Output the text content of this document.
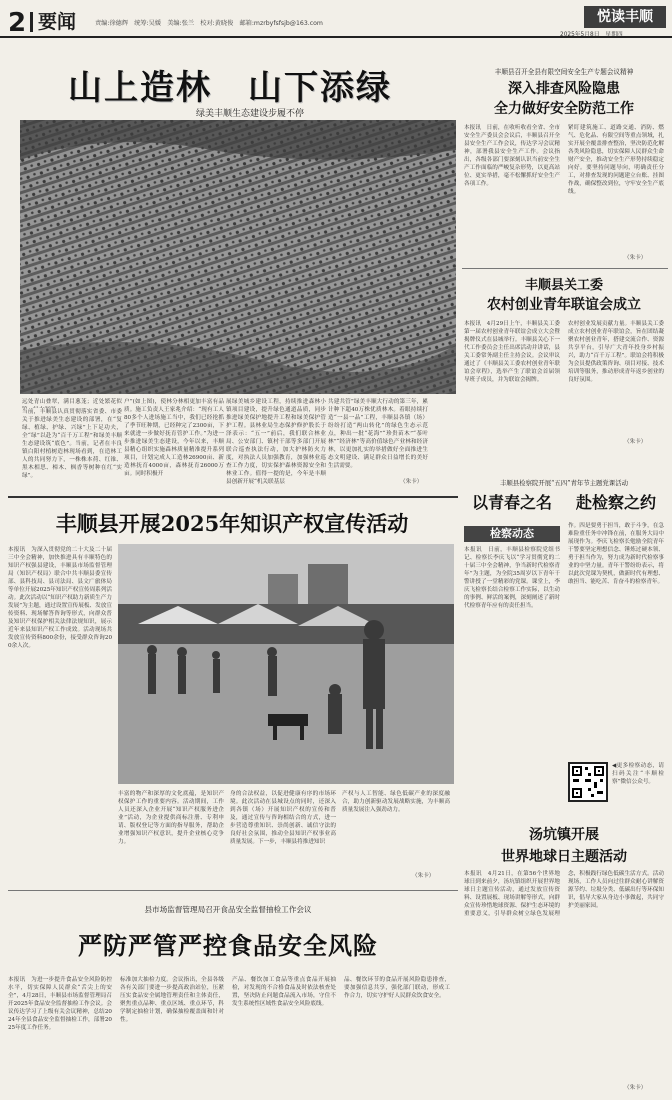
2 要闻	责编:徐德辉　统筹:吴媛　美编:张兰　校对:黄晓俊　邮箱:mzrbyfsfsjb@163.com	悦读丰顺
2025年5月8日　星期四
山上造林　山下添绿
绿美丰顺生态建设步履不停
远处青山叠翠，满目葱茏；近处繁花似
当前，丰顺县认真贯彻落实省委、市委关于推进绿美生态建设的部署，在“复绿、植绿、护绿、兴绿”上下足功夫，全“绿”以赴为“百千万工程”和绿美丰顺生态建设筑“底色”。当前，记者在丰良镇白阳村植树造林现场看到，在造林工人的共同努力下，一株株本荷、红锥、黑木相思、樟木、枫香等树种在红“实绿”。
户”(如上图)，使林分林相更加丰富有品质。施工负责人王家兆介绍：“现有工人80多个人进场施工当中，我们已经抢抓了季节旺种期，已经种完了2300亩，下来就进一步做好抚育管护工作。”为进一步推进绿美生态建设，今年以来，丰顺县精心组织实施森林质量精准提升系列项目，计划完成人工造林26900亩、新造林抚育4000亩，森林抚育26000万亩。同时积极开
展绿美城乡建设工程，持续推进森林小镇项目建设，提升绿色通道品质，同步推进绿美保护地提升工程和绿美保护管护工程。县林业局生态保护修护股长于泽表示：“五一”前后，我们联合林业局、公安部门、镇村干部等多部门开展联合巡查执法行动，加大护林防火力度，对执法人员加强教育，加强林业巡查工作力度，切实保护森林资源安全和林业工作。值得一提的是，今年是丰顺县创新开展“机关联基层
共建共管”绿美丰顺大行动的第三年，累计种下超40万株优质林木。着眼持续打造“一县一品”工程，丰顺县各镇（场）纷纷打造“两山转化”的绿色生态示范点，种出一批“花海”“珍贵苗木”“茶叶林”“经济林”等高价值绿色产业林和经济林，以更加扎实的举措做好全面推进生态文明建设、满足群众日益增长的美好生活需要。
（朱卡）
丰顺县召开全县有限空间安全生产专题会议精神
深入排查风险隐患
全力做好安全防范工作
本报讯　日前，在收听收看全省、全市安全生产委员会会议后，丰顺县召开全县安全生产工作会议，传达学习会议精神，部署我县安全生产工作。会议指出，各级各部门要深刻认识当前安全生产工作面临的严峻复杂形势，以更高站位、更实举措，毫不松懈抓好安全生产各项工作。
紧盯建筑施工、道路交通、消防、燃气、危化品、有限空间等重点领域，扎实开展全覆盖排查整治，坚决防范化解各类风险隐患，切实保障人民群众生命财产安全，推动安全生产形势持续稳定向好。要坚持问题导向，明确责任分工，对排查发现的问题建立台账、挂图作战，确保整改到位，守牢安全生产底线。
（朱卡）
丰顺县关工委
农村创业青年联谊会成立
本报讯　4月29日上午，丰顺县关工委第一届农村创业青年联谊会成立大会暨揭牌仪式在县城举行。丰顺县关心下一代工作委员会主任出席活动并讲话，县关工委常务副主任主持会议。会议审议通过了《丰顺县关工委农村创业青年联谊会章程》，选举产生了联谊会首届领导班子成员，并为联谊会揭牌。
农村创业发展贡献力量。丰顺县关工委成立农村创业青年联谊会，旨在团结凝聚农村创业青年，搭建交流合作、资源共享平台，引导广大青年投身乡村振兴，助力“百千万工程”。联谊会将积极为会员提供政策咨询、项目对接、技术培训等服务，推动形成青年返乡创业的良好氛围。
（朱卡）
丰顺县开展2025年知识产权宣传活动
本报讯　为深入贯彻党的二十大及二十届三中全会精神，加快推进具有丰顺特色的知识产权强县建设，丰顺县市场监督管理局（知识产权局）联合中共丰顺县委宣传部、县科技局、县司法局、县文广旅体局等单位开展2025年知识产权宣传周系列活动。此次活动以“知识产权助力新质生产力发展”为主题，通过设置宣传展板、发放宣传资料、现场解答咨询等形式，向群众普及知识产权保护相关法律法规知识，展示近年来县知识产权工作成效。活动现场共发放宣传资料800余份，接受群众咨询200余人次。
丰富的物产和深厚的文化底蕴，是知识产权保护工作的重要内容。活动期间，工作人员还深入企业开展“知识产权服务进企业”活动，为企业提供商标注册、专利申请、版权登记等方面的指导服务，帮助企业增强知识产权意识，提升企业核心竞争力。
身的合法权益，以促进健康有序的市场环境。此次活动在县城设点的同时，还深入到各镇（场）开展知识产权的宣传和普及，通过宣传与咨询相结合的方式，进一步营造尊重知识、崇尚创新、诚信守法的良好社会氛围，推动全县知识产权事业高质量发展。下一步，丰顺县将推进知识
产权与人工智能、绿色低碳产业的深度融合，助力创新驱动发展战略实施，为丰顺高质量发展注入强劲动力。
（朱卡）
丰顺县检察院开展“五四”青年节主题党课活动
以青春之名	赴检察之约
检察动态
本报讯　日前，丰顺县检察院党组书记、检察长李庆飞以“学习贯彻党的二十届三中全会精神，争当新时代检察青年”为主题，为全院35周岁以下青年干警讲授了一堂精彩的党课。课堂上，李庆飞检察长结合检察工作实际，以生动的事例、鲜活的案例，深刻阐述了新时代检察青年应有的责任担当。
作。四是要勇于担当，敢于斗争，在急难险重任务中冲锋在前，在服务大局中展现作为。李庆飞检察长勉励全院青年干警要坚定理想信念、锤炼过硬本领、勇于担当作为，努力成为新时代检察事业的中坚力量。青年干警纷纷表示，将以此次党课为契机，做新时代有理想、敢担当、能吃苦、肯奋斗的检察青年。
◀更多检察动态，请扫码关注“丰顺检察”微信公众号。
汤坑镇开展
世界地球日主题活动
本报讯　4月21日，在第56个世界地球日到来前夕，汤坑镇组织开展世界地球日主题宣传活动，通过发放宣传资料、设置展板、现场讲解等形式，向群众宣传珍惜地球资源、保护生态环境的重要意义，引导群众树立绿色发展理念，积极践行绿色低碳生活方式。活动现场，工作人员向过往群众耐心讲解资源节约、垃圾分类、低碳出行等环保知识，倡导大家从身边小事做起，共同守护美丽家园。
（朱卡）
县市场监督管理局召开食品安全监督抽检工作会议
严防严管严控食品安全风险
本报讯　为进一步提升食品安全风险防控水平，切实保障人民群众“舌尖上的安全”，4月28日，丰顺县市场监督管理局召开2025年食品安全监督抽检工作会议。会议传达学习了上级有关会议精神，总结2024年全县食品安全监督抽检工作，部署2025年度工作任务。
标准加大抽检力度。会议指出，全县各级各有关部门要进一步提高政治站位，压紧压实食品安全属地管理责任和主体责任，聚焦重点品种、重点区域、重点环节，科学制定抽检计划，确保抽检覆盖面和针对性。
产品、餐饮加工食品等重点食品开展抽检，对发现的不合格食品及时依法核查处置，坚决防止问题食品流入市场，守住不发生系统性区域性食品安全风险底线。
品、餐饮环节的食品开展风险隐患排查，要加强信息共享，强化部门联动，形成工作合力，切实守护好人民群众饮食安全。
